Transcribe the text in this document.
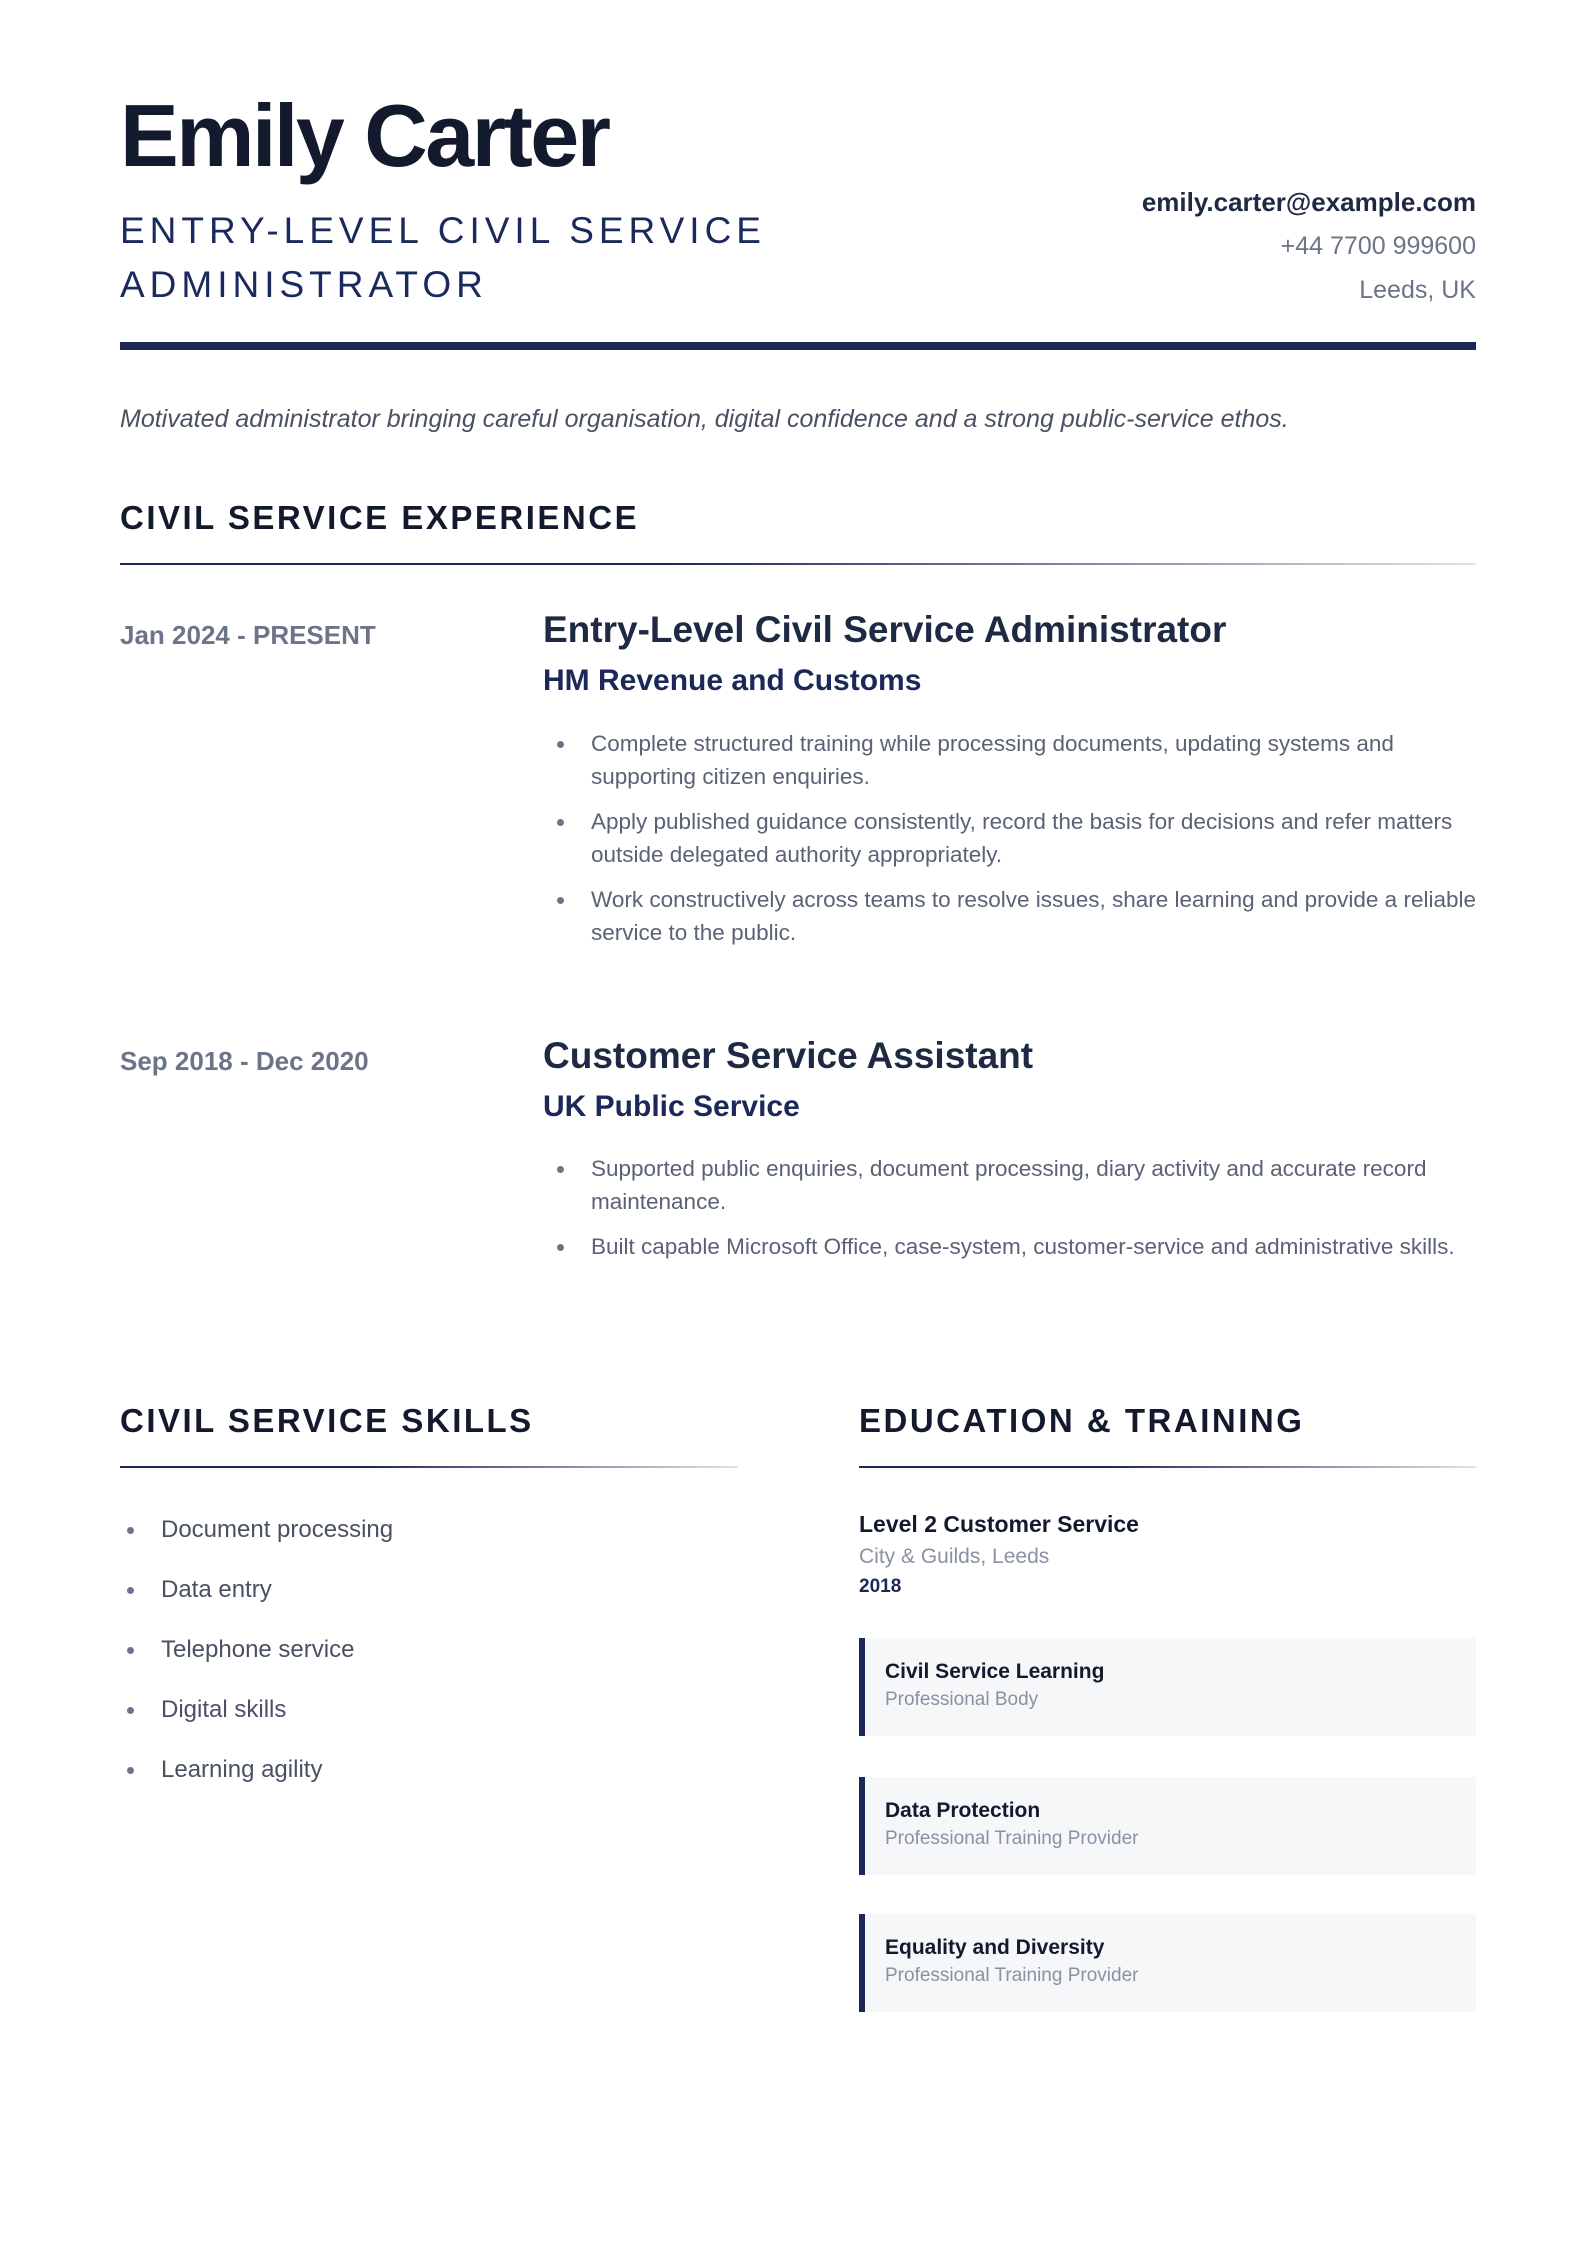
Emily Carter
ENTRY-LEVEL CIVIL SERVICE ADMINISTRATOR
emily.carter@example.com
+44 7700 999600
Leeds, UK

Motivated administrator bringing careful organisation, digital confidence and a strong public-service ethos.

CIVIL SERVICE EXPERIENCE
Jan 2024 - PRESENT	Entry-Level Civil Service Administrator
HM Revenue and Customs
Complete structured training while processing documents, updating systems and supporting citizen enquiries.
Apply published guidance consistently, record the basis for decisions and refer matters outside delegated authority appropriately.
Work constructively across teams to resolve issues, share learning and provide a reliable service to the public.
Sep 2018 - Dec 2020	Customer Service Assistant
UK Public Service
Supported public enquiries, document processing, diary activity and accurate record maintenance.
Built capable Microsoft Office, case-system, customer-service and administrative skills.
CIVIL SERVICE SKILLS
Document processing
Data entry
Telephone service
Digital skills
Learning agility
EDUCATION & TRAINING
Level 2 Customer Service
City & Guilds, Leeds
2018
Civil Service Learning
Professional Body
Data Protection
Professional Training Provider
Equality and Diversity
Professional Training Provider
